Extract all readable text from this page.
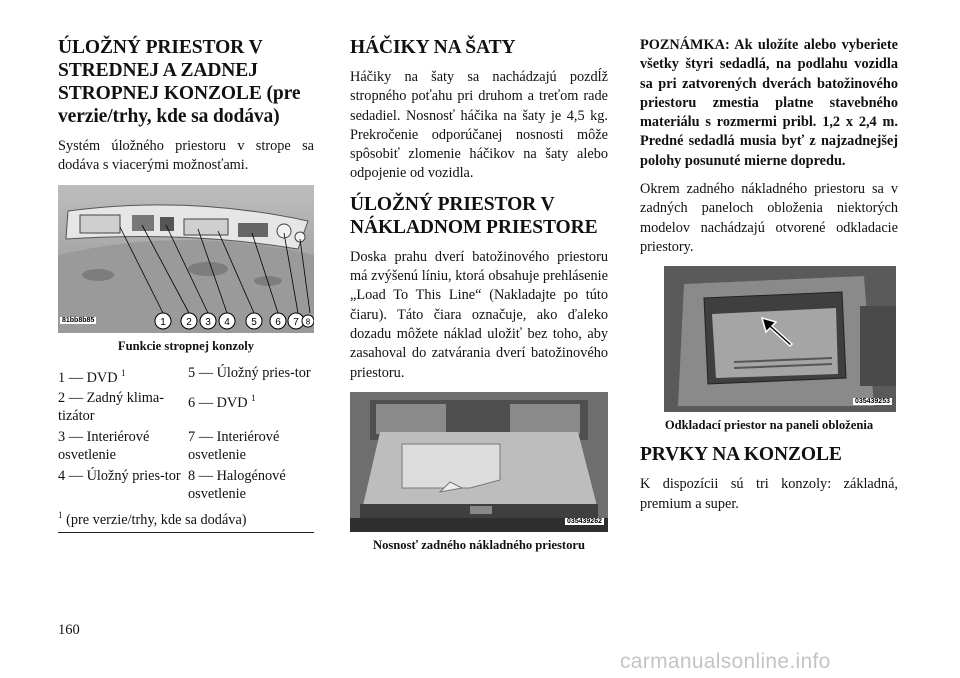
ÚLOŽNÝ PRIESTOR V STREDNEJ A ZADNEJ STROPNEJ KONZOLE (pre verzie/trhy, kde sa dodáva)

Systém úložného priestoru v strope sa dodáva s viacerými možnosťami.

1 2 3 4 5 6 7 8
81bb8b85
Funkcie stropnej konzoly
1 — DVD $^1$	5 — Úložný pries-tor
2 — Zadný klima-tizátor
6 — DVD $^1$
3 — Interiérové osvetlenie
7 — Interiérové osvetlenie
4 — Úložný pries-tor 8 — Halogénové osvetlenie
$^1$ (pre verzie/trhy, kde sa dodáva)
HÁČIKY NA ŠATY

Háčiky na šaty sa nachádzajú pozdĺž stropného poťahu pri druhom a treťom rade sedadiel. Nosnosť háčika na šaty je 4,5 kg. Prekročenie odporúčanej nosnosti môže spôsobiť zlomenie háčikov na šaty alebo odpojenie od vozidla.

ÚLOŽNÝ PRIESTOR V NÁKLADNOM PRIESTORE

Doska prahu dverí batožinového priestoru má zvýšenú líniu, ktorá obsahuje prehlásenie „Load To This Line“ (Nakladajte po túto čiaru). Táto čiara označuje, ako ďaleko dozadu môžete náklad uložiť bez toho, aby zasahoval do zatvárania dverí batožinového priestoru.

035439262
Nosnosť zadného nákladného priestoru

POZNÁMKA: Ak uložíte alebo vyberiete všetky štyri sedadlá, na podlahu vozidla sa pri zatvorených dverách batožinového priestoru zmestia platne stavebného materiálu s rozmermi pribl. 1,2 x 2,4 m. Predné sedadlá musia byť z najzadnejšej polohy posunuté mierne dopredu.

Okrem zadného nákladného priestoru sa v zadných paneloch obloženia niektorých modelov nachádzajú otvorené odkladacie priestory.

035439253
Odkladací priestor na paneli obloženia
PRVKY NA KONZOLE

K dispozícii sú tri konzoly: základná, premium a super.

160
carmanualsonline.info
